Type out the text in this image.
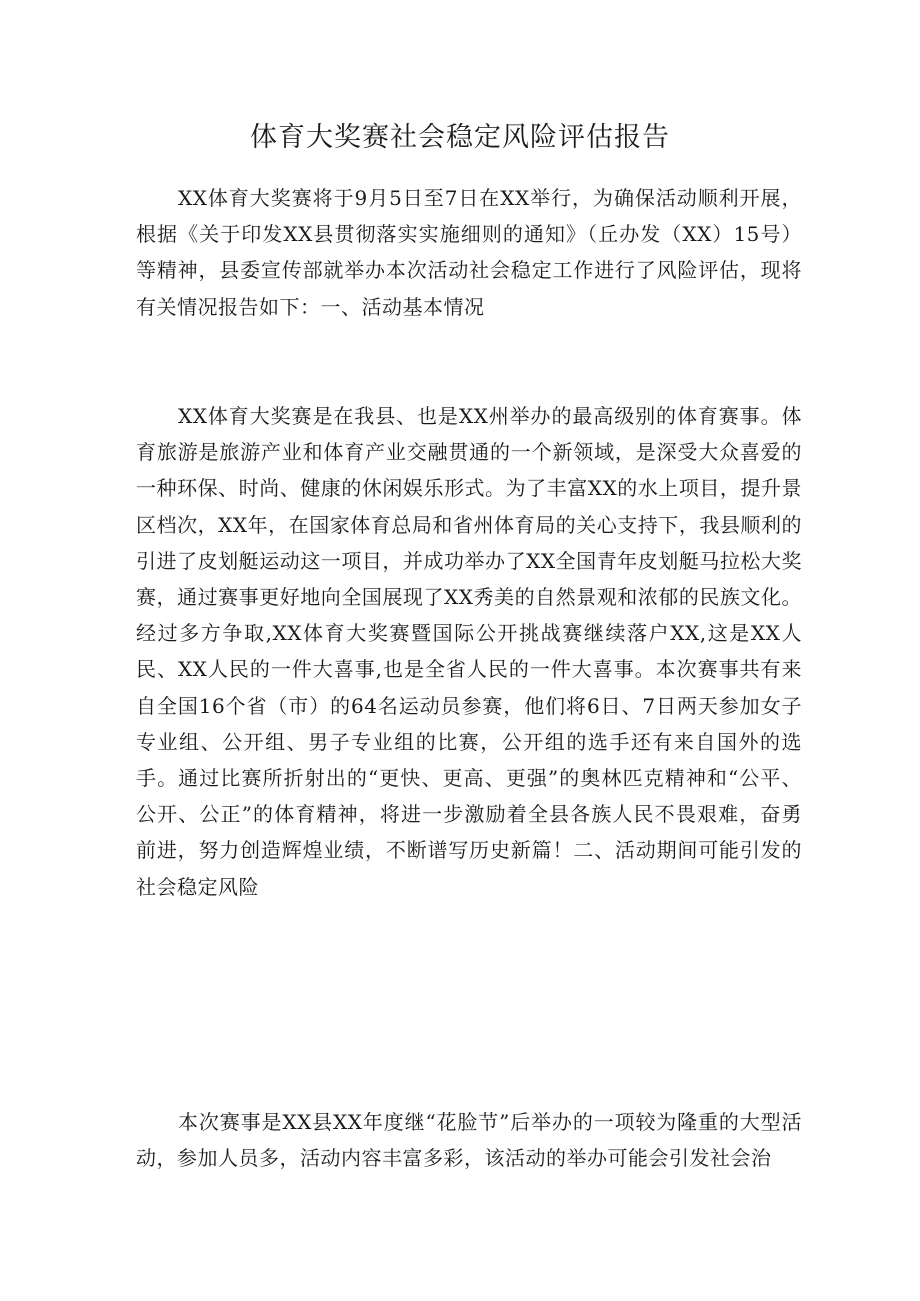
体育大奖赛社会稳定风险评估报告

XX体育大奖赛将于9月5日至7日在XX举行，为确保活动顺利开展，根据《关于印发XX县贯彻落实实施细则的通知》（丘办发（XX）15号）等精神，县委宣传部就举办本次活动社会稳定工作进行了风险评估，现将有关情况报告如下：一、活动基本情况

XX体育大奖赛是在我县、也是XX州举办的最高级别的体育赛事。体育旅游是旅游产业和体育产业交融贯通的一个新领域，是深受大众喜爱的一种环保、时尚、健康的休闲娱乐形式。为了丰富XX的水上项目，提升景区档次，XX年，在国家体育总局和省州体育局的关心支持下，我县顺利的引进了皮划艇运动这一项目，并成功举办了XX全国青年皮划艇马拉松大奖赛，通过赛事更好地向全国展现了XX秀美的自然景观和浓郁的民族文化。经过多方争取,XX体育大奖赛暨国际公开挑战赛继续落户XX,这是XX人民、XX人民的一件大喜事,也是全省人民的一件大喜事。本次赛事共有来自全国16个省（市）的64名运动员参赛，他们将6日、7日两天参加女子专业组、公开组、男子专业组的比赛，公开组的选手还有来自国外的选手。通过比赛所折射出的“更快、更高、更强”的奥林匹克精神和“公平、公开、公正”的体育精神，将进一步激励着全县各族人民不畏艰难，奋勇前进，努力创造辉煌业绩，不断谱写历史新篇！二、活动期间可能引发的社会稳定风险

本次赛事是XX县XX年度继“花脸节”后举办的一项较为隆重的大型活动，参加人员多，活动内容丰富多彩，该活动的举办可能会引发社会治
